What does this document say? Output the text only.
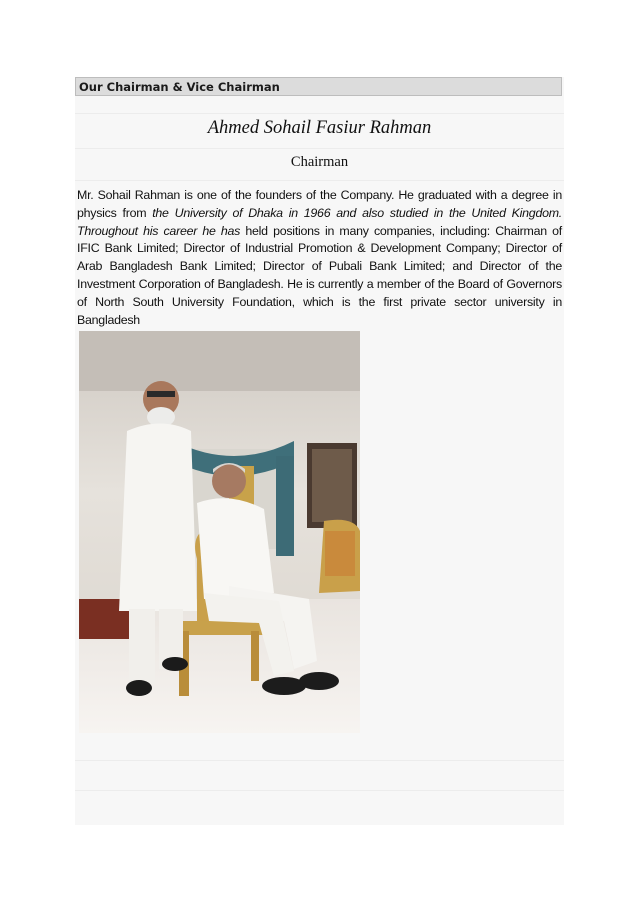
Our Chairman & Vice Chairman
Ahmed Sohail Fasiur Rahman
Chairman
Mr. Sohail Rahman is one of the founders of the Company. He graduated with a degree in physics from the University of Dhaka in 1966 and also studied in the United Kingdom. Throughout his career he has held positions in many companies, including: Chairman of IFIC Bank Limited; Director of Industrial Promotion & Development Company; Director of Arab Bangladesh Bank Limited; Director of Pubali Bank Limited; and Director of the Investment Corporation of Bangladesh. He is currently a member of the Board of Governors of North South University Foundation, which is the first private sector university in Bangladesh
